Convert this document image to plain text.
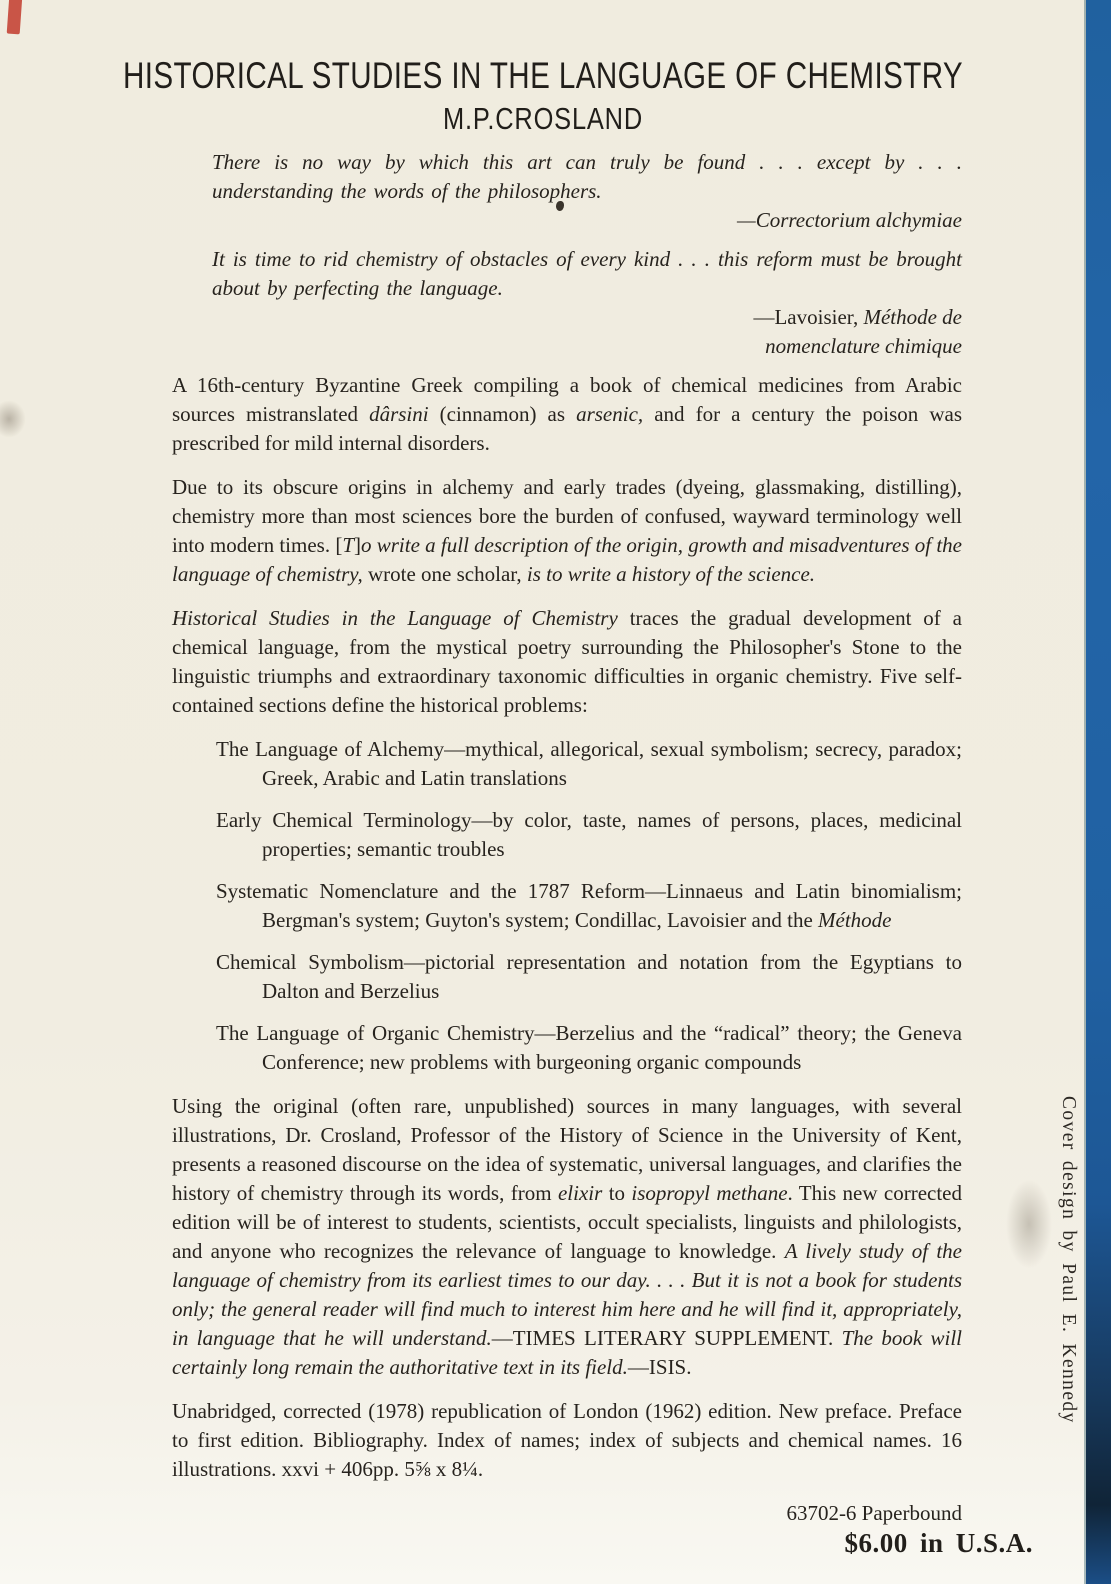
HISTORICAL STUDIES IN THE LANGUAGE OF CHEMISTRY
M.P.CROSLAND

There is no way by which this art can truly be found . . . except by . . . understanding the words of the philosophers.

—Correctorium alchymiae

It is time to rid chemistry of obstacles of every kind . . . this reform must be brought about by perfecting the language.

—Lavoisier, Méthode de

nomenclature chimique

A 16th-century Byzantine Greek compiling a book of chemical medicines from Arabic sources mistranslated dârsini (cinnamon) as arsenic, and for a century the poison was prescribed for mild internal disorders.

Due to its obscure origins in alchemy and early trades (dyeing, glassmaking, distilling), chemistry more than most sciences bore the burden of confused, wayward terminology well into modern times. [T]o write a full description of the origin, growth and misadventures of the language of chemistry, wrote one scholar, is to write a history of the science.

Historical Studies in the Language of Chemistry traces the gradual development of a chemical language, from the mystical poetry surrounding the Philosopher's Stone to the linguistic triumphs and extraordinary taxonomic difficulties in organic chemistry. Five self-contained sections define the historical problems:

The Language of Alchemy—mythical, allegorical, sexual symbolism; secrecy, paradox; Greek, Arabic and Latin translations
Early Chemical Terminology—by color, taste, names of persons, places, medicinal properties; semantic troubles
Systematic Nomenclature and the 1787 Reform—Linnaeus and Latin binomialism; Bergman's system; Guyton's system; Condillac, Lavoisier and the Méthode
Chemical Symbolism—pictorial representation and notation from the Egyptians to Dalton and Berzelius
The Language of Organic Chemistry—Berzelius and the “radical” theory; the Geneva Conference; new problems with burgeoning organic compounds

Using the original (often rare, unpublished) sources in many languages, with several illustrations, Dr. Crosland, Professor of the History of Science in the University of Kent, presents a reasoned discourse on the idea of systematic, universal languages, and clarifies the history of chemistry through its words, from elixir to isopropyl methane. This new corrected edition will be of interest to students, scientists, occult specialists, linguists and philologists, and anyone who recognizes the relevance of language to knowledge. A lively study of the language of chemistry from its earliest times to our day. . . . But it is not a book for students only; the general reader will find much to interest him here and he will find it, appropriately, in language that he will understand.—TIMES LITERARY SUPPLEMENT. The book will certainly long remain the authoritative text in its field.—ISIS.

Unabridged, corrected (1978) republication of London (1962) edition. New preface. Preface to first edition. Bibliography. Index of names; index of subjects and chemical names. 16 illustrations. xxvi + 406pp. 5⅝ x 8¼.

63702-6 Paperbound

$6.00 in U.S.A.
Cover design by Paul E. Kennedy
